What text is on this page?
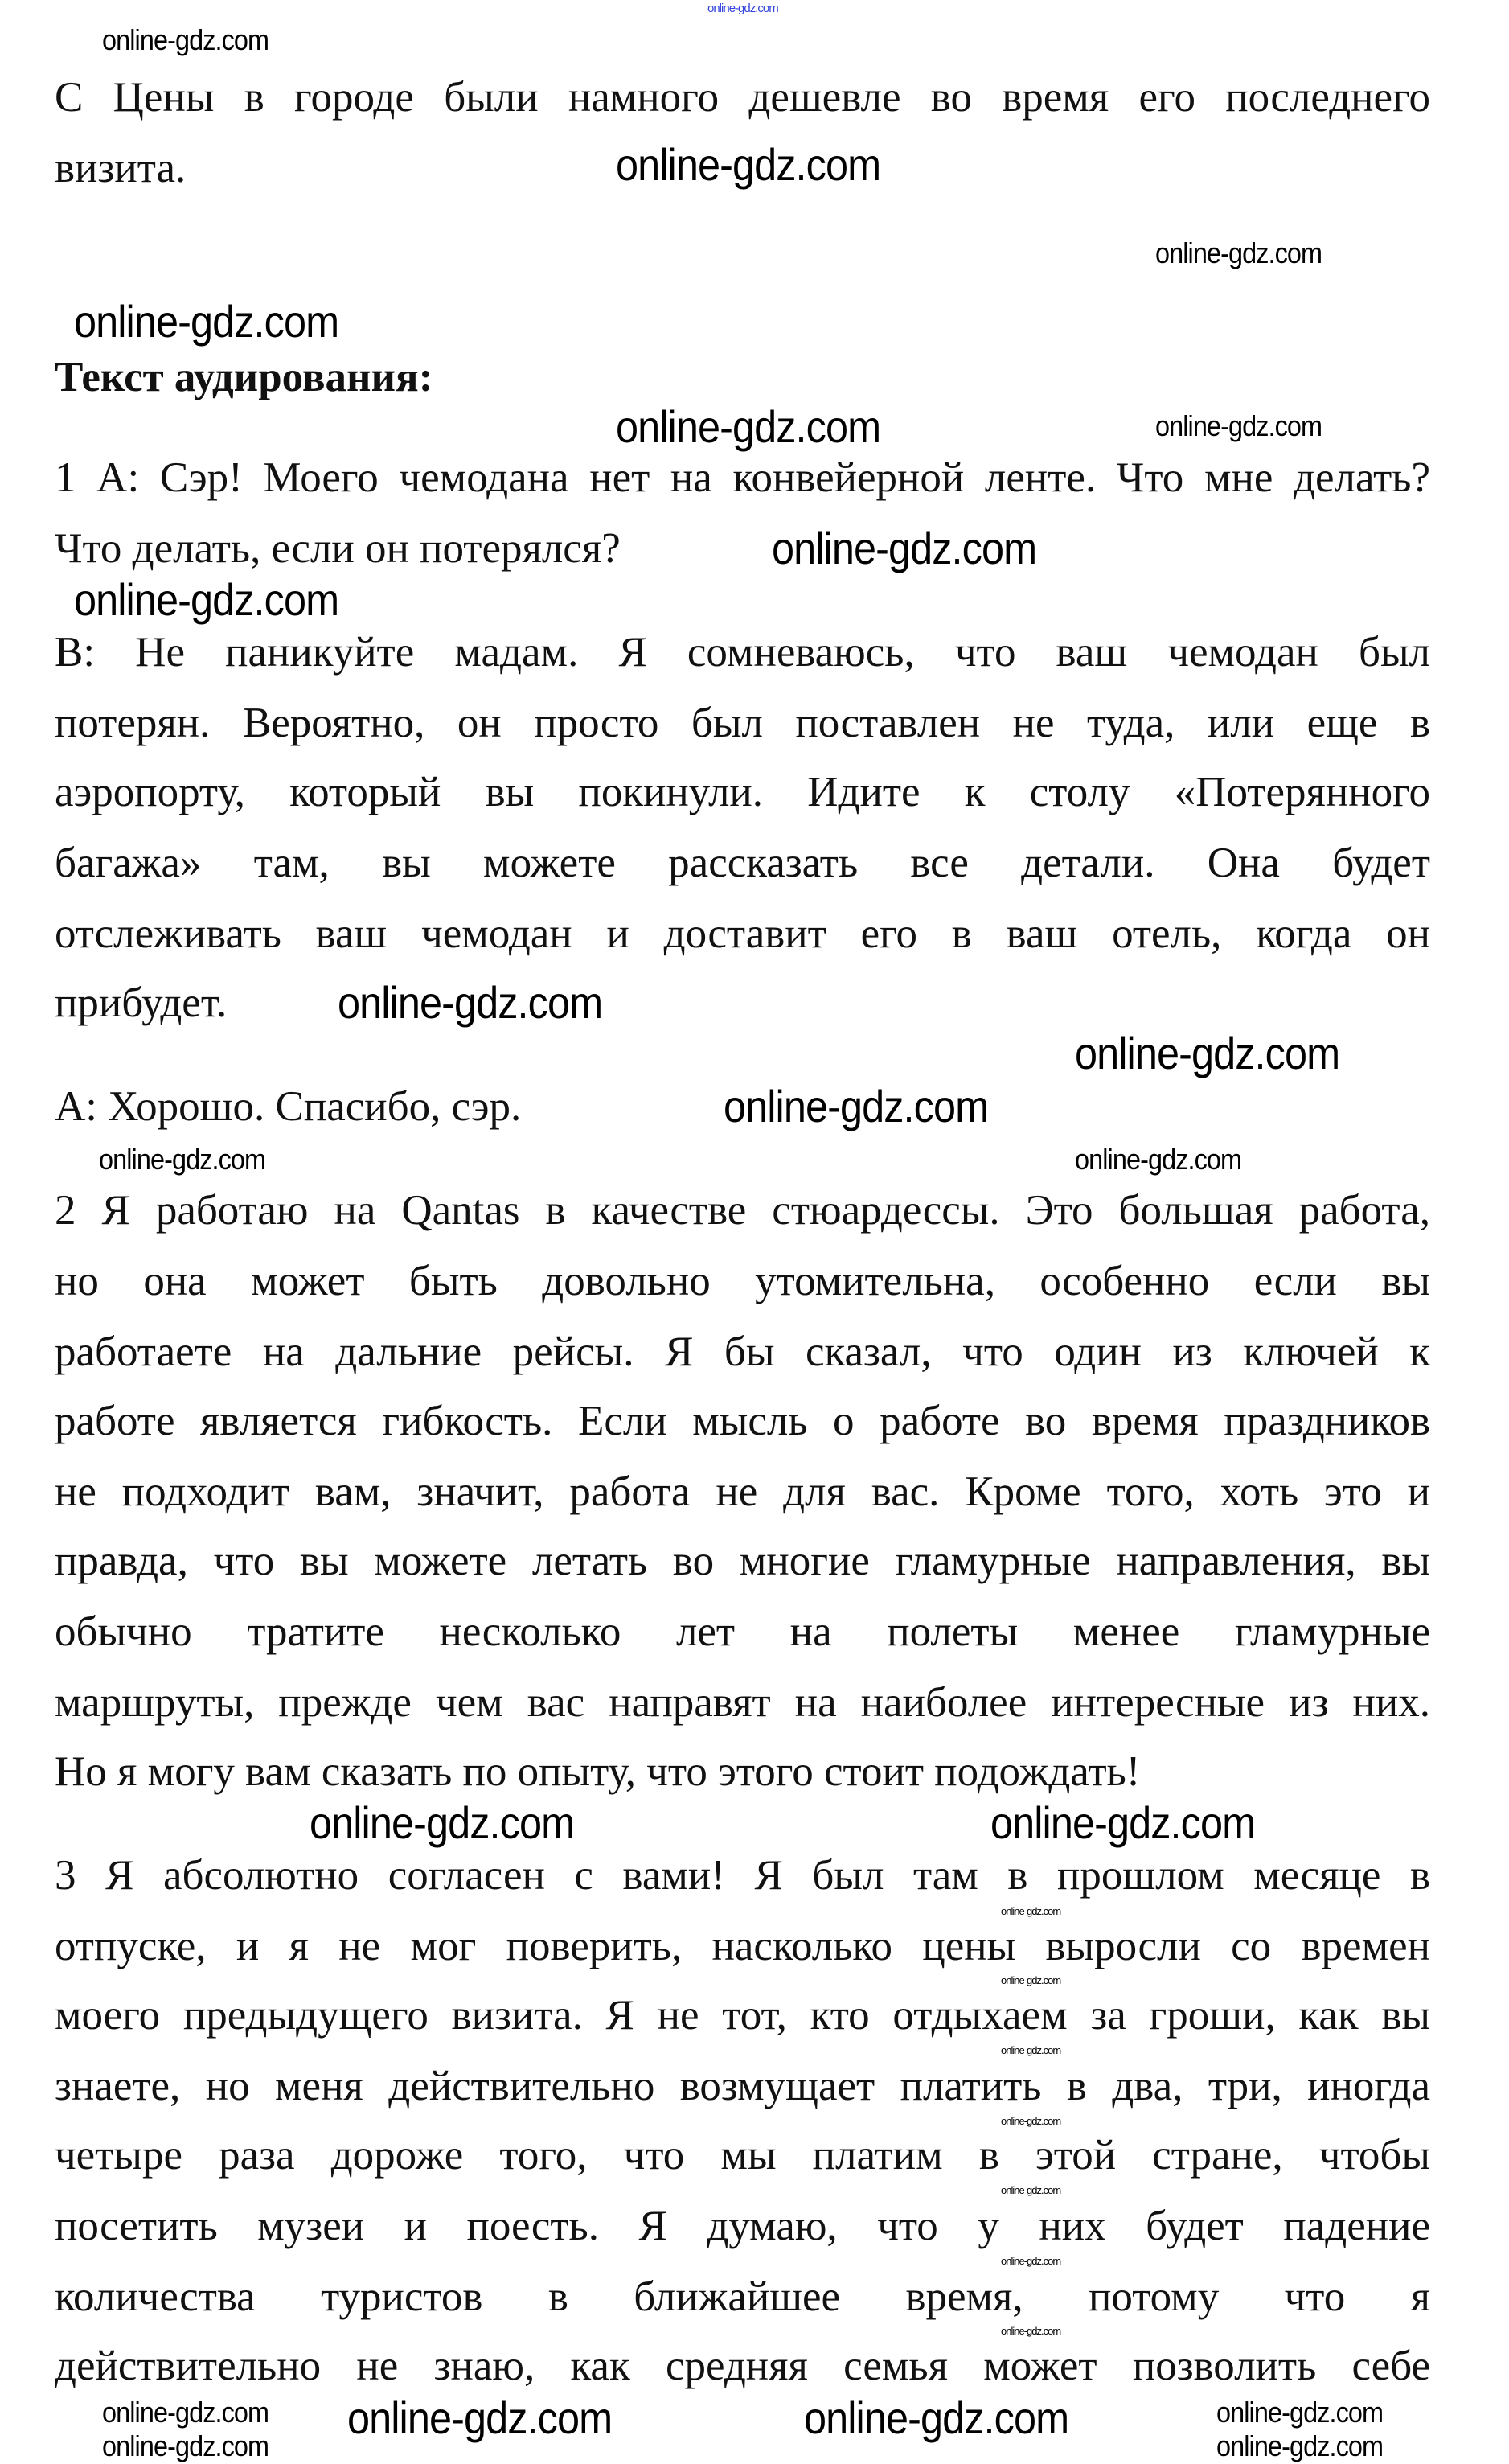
С Цены в городе были намного дешевле во время его последнего
визита.
Текст аудирования:
1 А: Сэр! Моего чемодана нет на конвейерной ленте. Что мне делать?
Что делать, если он потерялся?
В: Не паникуйте мадам. Я сомневаюсь, что ваш чемодан был
потерян. Вероятно, он просто был поставлен не туда, или еще в
аэропорту, который вы покинули. Идите к столу «Потерянного
багажа» там, вы можете рассказать все детали. Она будет
отслеживать ваш чемодан и доставит его в ваш отель, когда он
прибудет.
А: Хорошо. Спасибо, сэр.
2 Я работаю на Qantas в качестве стюардессы. Это большая работа,
но она может быть довольно утомительна, особенно если вы
работаете на дальние рейсы. Я бы сказал, что один из ключей к
работе является гибкость. Если мысль о работе во время праздников
не подходит вам, значит, работа не для вас. Кроме того, хоть это и
правда, что вы можете летать во многие гламурные направления, вы
обычно тратите несколько лет на полеты менее гламурные
маршруты, прежде чем вас направят на наиболее интересные из них.
Но я могу вам сказать по опыту, что этого стоит подождать!
3 Я абсолютно согласен с вами! Я был там в прошлом месяце в
отпуске, и я не мог поверить, насколько цены выросли со времен
моего предыдущего визита. Я не тот, кто отдыхаем за гроши, как вы
знаете, но меня действительно возмущает платить в два, три, иногда
четыре раза дороже того, что мы платим в этой стране, чтобы
посетить музеи и поесть. Я думаю, что у них будет падение
количества туристов в ближайшее время, потому что я
действительно не знаю, как средняя семья может позволить себе
online-gdz.com
online-gdz.com
online-gdz.com
online-gdz.com
online-gdz.com	online-gdz.com
online-gdz.com
online-gdz.com
online-gdz.com
online-gdz.com
online-gdz.com
online-gdz.com
online-gdz.com
online-gdz.com	online-gdz.com
online-gdz.com
online-gdz.com
online-gdz.com
online-gdz.com
online-gdz.com
online-gdz.com
online-gdz.com
online-gdz.com
online-gdz.com
online-gdz.com
online-gdz.com
online-gdz.com
online-gdz.com
online-gdz.com
